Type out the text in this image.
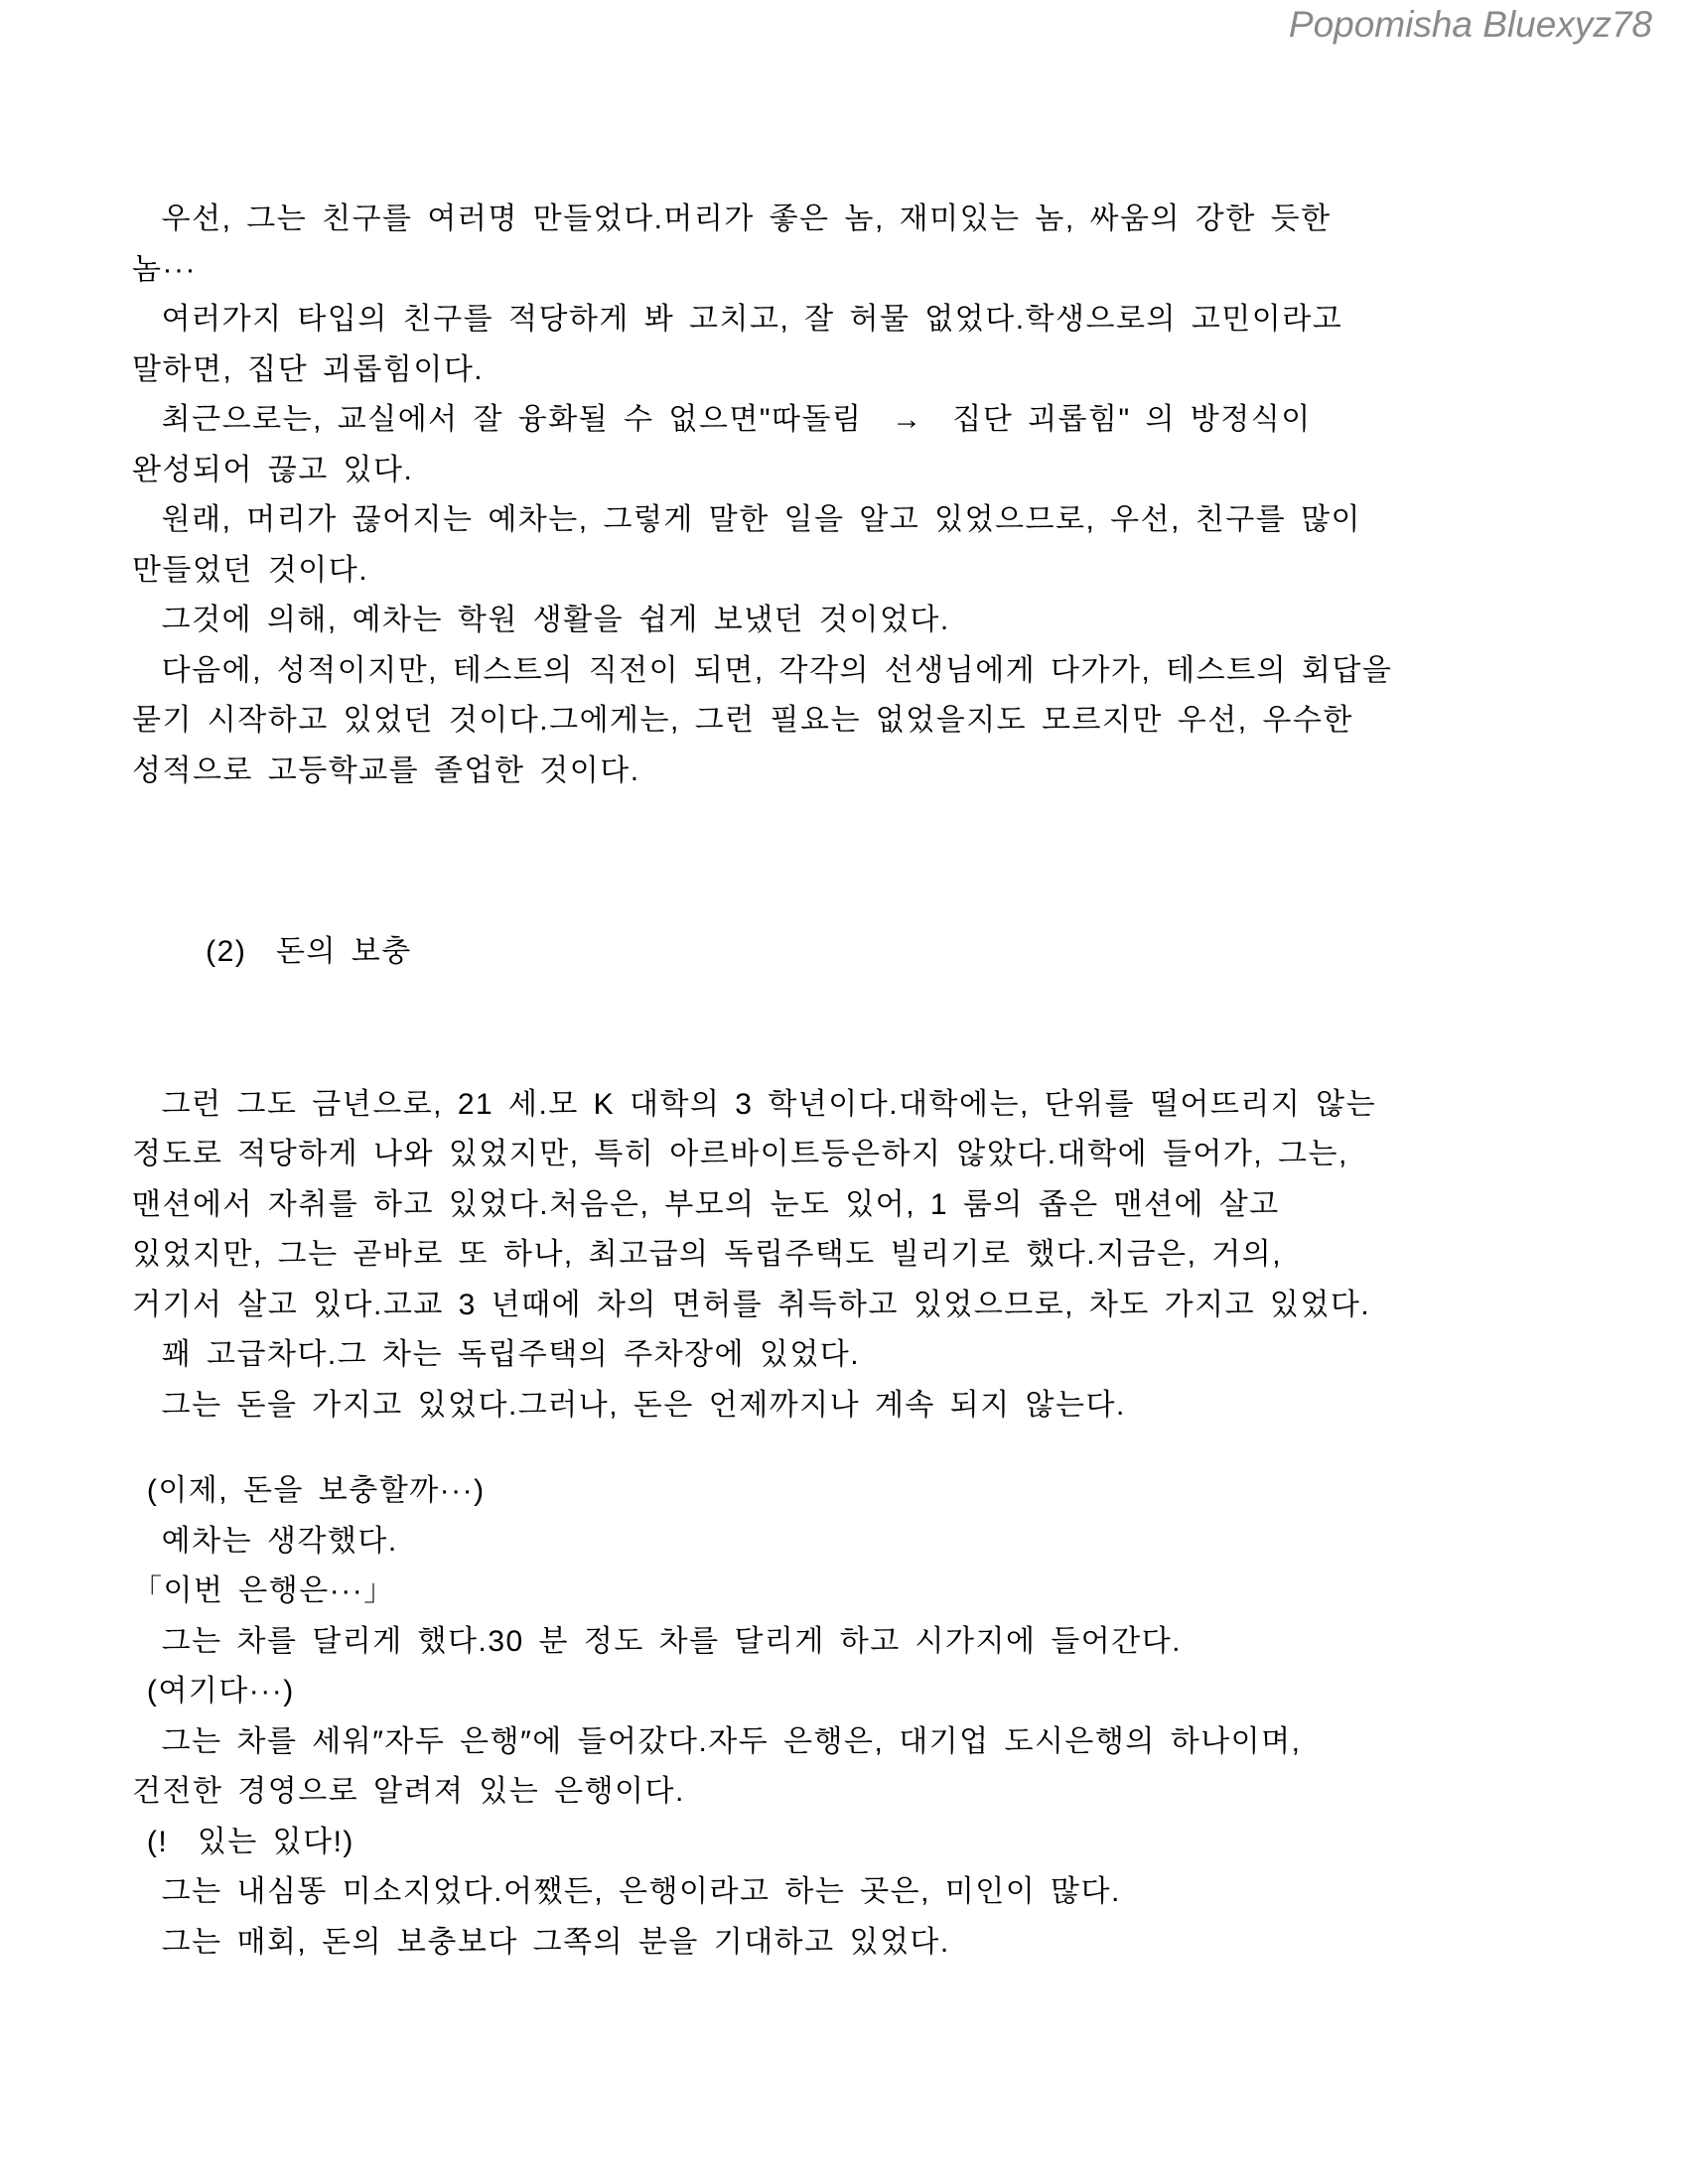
Popomisha Bluexyz78
우선, 그는 친구를 여러명 만들었다.머리가 좋은 놈, 재미있는 놈, 싸움의 강한 듯한
놈···
여러가지 타입의 친구를 적당하게 봐 고치고, 잘 허물 없었다.학생으로의 고민이라고
말하면, 집단 괴롭힘이다.
최근으로는, 교실에서 잘 융화될 수 없으면"따돌림  →  집단 괴롭힘" 의 방정식이
완성되어 끊고 있다.
원래, 머리가 끊어지는 예차는, 그렇게 말한 일을 알고 있었으므로, 우선, 친구를 많이
만들었던 것이다.
그것에 의해, 예차는 학원 생활을 쉽게 보냈던 것이었다.
다음에, 성적이지만, 테스트의 직전이 되면, 각각의 선생님에게 다가가, 테스트의 회답을
묻기 시작하고 있었던 것이다.그에게는, 그런 필요는 없었을지도 모르지만 우선, 우수한
성적으로 고등학교를 졸업한 것이다.
(2)  돈의 보충
그런 그도 금년으로, 21 세.모 K 대학의 3 학년이다.대학에는, 단위를 떨어뜨리지 않는
정도로 적당하게 나와 있었지만, 특히 아르바이트등은하지 않았다.대학에 들어가, 그는,
맨션에서 자취를 하고 있었다.처음은, 부모의 눈도 있어, 1 룸의 좁은 맨션에 살고
있었지만, 그는 곧바로 또 하나, 최고급의 독립주택도 빌리기로 했다.지금은, 거의,
거기서 살고 있다.고교 3 년때에 차의 면허를 취득하고 있었으므로, 차도 가지고 있었다.
꽤 고급차다.그 차는 독립주택의 주차장에 있었다.
그는 돈을 가지고 있었다.그러나, 돈은 언제까지나 계속 되지 않는다.
(이제, 돈을 보충할까···)
예차는 생각했다.
「이번 은행은···」
그는 차를 달리게 했다.30 분 정도 차를 달리게 하고 시가지에 들어간다.
(여기다···)
그는 차를 세워″자두 은행″에 들어갔다.자두 은행은, 대기업 도시은행의 하나이며,
건전한 경영으로 알려져 있는 은행이다.
(!  있는 있다!)
그는 내심똥 미소지었다.어쨌든, 은행이라고 하는 곳은, 미인이 많다.
그는 매회, 돈의 보충보다 그쪽의 분을 기대하고 있었다.
